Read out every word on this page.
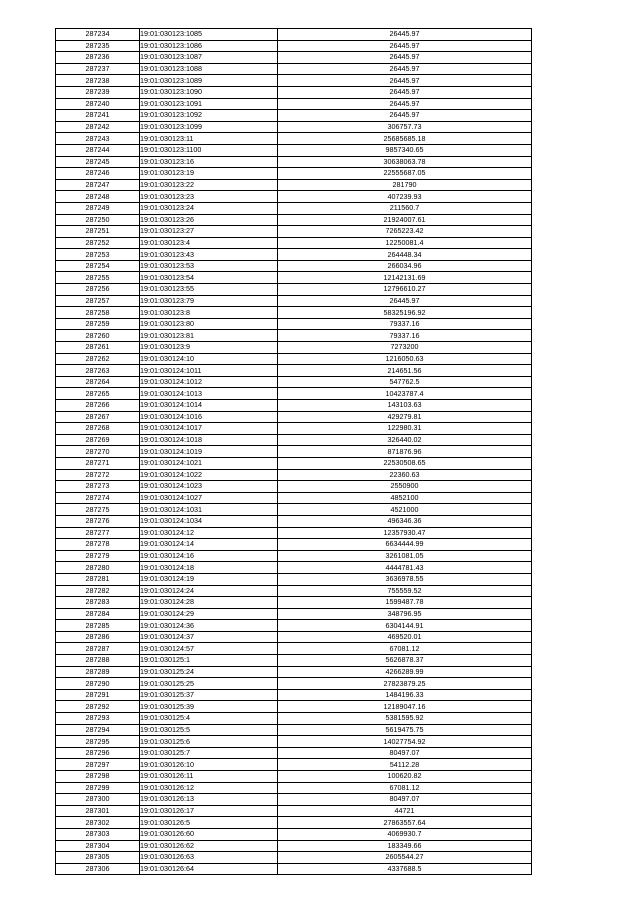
287234	19:01:030123:1085	26445.97
287235	19:01:030123:1086	26445.97
287236	19:01:030123:1087	26445.97
287237	19:01:030123:1088	26445.97
287238	19:01:030123:1089	26445.97
287239	19:01:030123:1090	26445.97
287240	19:01:030123:1091	26445.97
287241	19:01:030123:1092	26445.97
287242	19:01:030123:1099	306757.73
287243	19:01:030123:11	25685685.18
287244	19:01:030123:1100	9857340.65
287245	19:01:030123:16	30638063.78
287246	19:01:030123:19	22555687.05
287247	19:01:030123:22	281790
287248	19:01:030123:23	407239.93
287249	19:01:030123:24	211560.7
287250	19:01:030123:26	21924007.61
287251	19:01:030123:27	7265223.42
287252	19:01:030123:4	12250081.4
287253	19:01:030123:43	264448.34
287254	19:01:030123:53	266034.96
287255	19:01:030123:54	12142131.69
287256	19:01:030123:55	12796610.27
287257	19:01:030123:79	26445.97
287258	19:01:030123:8	58325196.92
287259	19:01:030123:80	79337.16
287260	19:01:030123:81	79337.16
287261	19:01:030123:9	7273200
287262	19:01:030124:10	1216050.63
287263	19:01:030124:1011	214651.56
287264	19:01:030124:1012	547762.5
287265	19:01:030124:1013	10423787.4
287266	19:01:030124:1014	143103.63
287267	19:01:030124:1016	429279.81
287268	19:01:030124:1017	122980.31
287269	19:01:030124:1018	326440.02
287270	19:01:030124:1019	871876.96
287271	19:01:030124:1021	22530508.65
287272	19:01:030124:1022	22360.63
287273	19:01:030124:1023	2550900
287274	19:01:030124:1027	4852100
287275	19:01:030124:1031	4521000
287276	19:01:030124:1034	496346.36
287277	19:01:030124:12	12357930.47
287278	19:01:030124:14	6634444.99
287279	19:01:030124:16	3261081.05
287280	19:01:030124:18	4444781.43
287281	19:01:030124:19	3636978.55
287282	19:01:030124:24	755559.52
287283	19:01:030124:28	1599487.78
287284	19:01:030124:29	348796.95
287285	19:01:030124:36	6304144.91
287286	19:01:030124:37	469520.01
287287	19:01:030124:57	67081.12
287288	19:01:030125:1	5626878.37
287289	19:01:030125:24	4266289.99
287290	19:01:030125:25	27823879.25
287291	19:01:030125:37	1484196.33
287292	19:01:030125:39	12189047.16
287293	19:01:030125:4	5381595.92
287294	19:01:030125:5	5619475.75
287295	19:01:030125:6	14027754.92
287296	19:01:030125:7	80497.07
287297	19:01:030126:10	54112.28
287298	19:01:030126:11	100620.82
287299	19:01:030126:12	67081.12
287300	19:01:030126:13	80497.07
287301	19:01:030126:17	44721
287302	19:01:030126:5	27863557.64
287303	19:01:030126:60	4069930.7
287304	19:01:030126:62	183349.66
287305	19:01:030126:63	2605544.27
287306	19:01:030126:64	4337688.5
